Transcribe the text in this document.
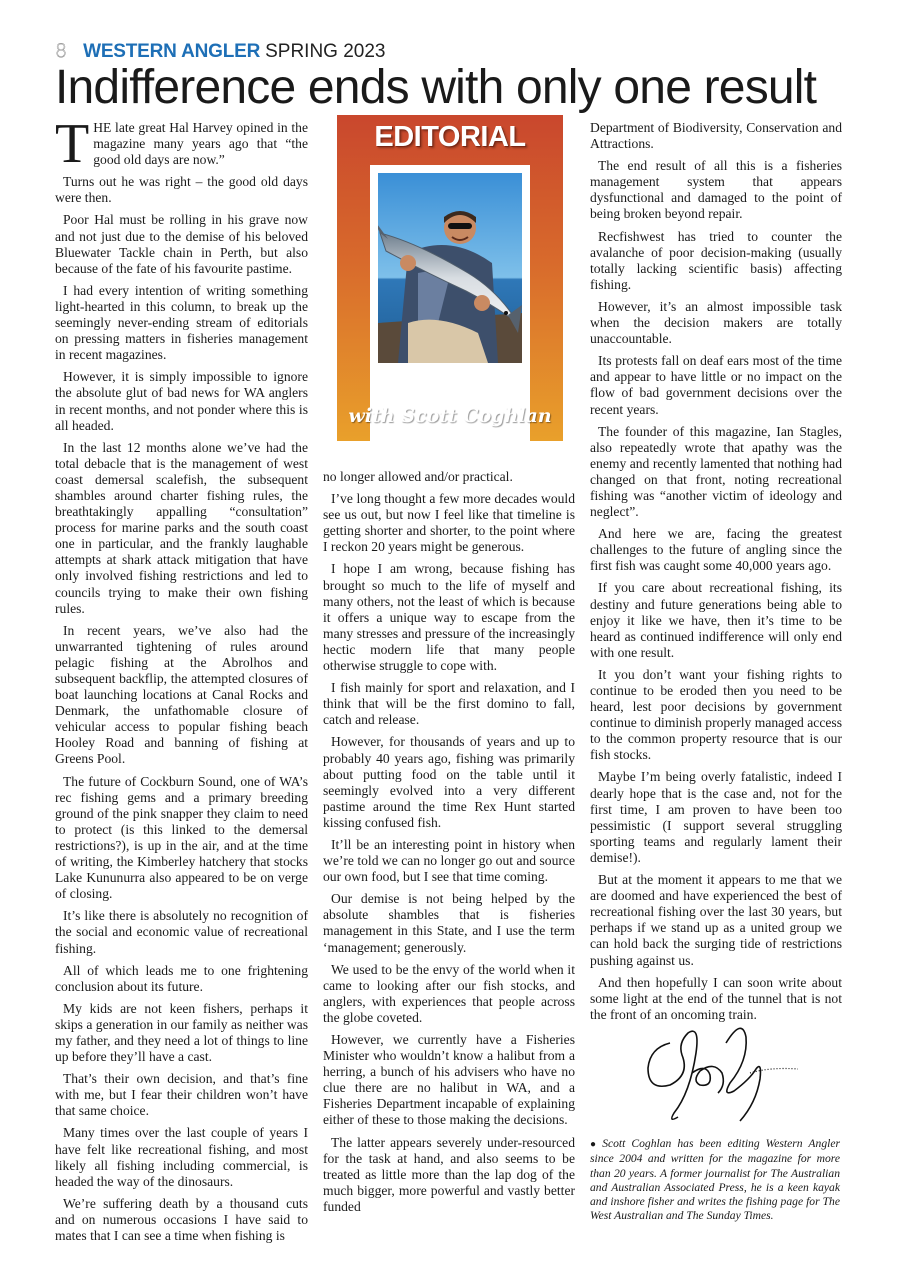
8 WESTERN ANGLER SPRING 2023
Indifference ends with only one result

THE late great Hal Harvey opined in the magazine many years ago that “the good old days are now.”

Turns out he was right – the good old days were then.

Poor Hal must be rolling in his grave now and not just due to the demise of his beloved Bluewater Tackle chain in Perth, but also because of the fate of his favourite pastime.

I had every intention of writing something light-hearted in this column, to break up the seemingly never-ending stream of editorials on pressing matters in fisheries management in recent magazines.

However, it is simply impossible to ignore the absolute glut of bad news for WA anglers in recent months, and not ponder where this is all headed.

In the last 12 months alone we’ve had the total debacle that is the management of west coast demersal scalefish, the subsequent shambles around charter fishing rules, the breathtakingly appalling “consultation” process for marine parks and the south coast one in particular, and the frankly laughable attempts at shark attack mitigation that have only involved fishing restrictions and led to councils trying to make their own fishing rules.

In recent years, we’ve also had the unwarranted tightening of rules around pelagic fishing at the Abrolhos and subsequent backflip, the attempted closures of boat launching locations at Canal Rocks and Denmark, the unfathomable closure of vehicular access to popular fishing beach Hooley Road and banning of fishing at Greens Pool.

The future of Cockburn Sound, one of WA’s rec fishing gems and a primary breeding ground of the pink snapper they claim to need to protect (is this linked to the demersal restrictions?), is up in the air, and at the time of writing, the Kimberley hatchery that stocks Lake Kununurra also appeared to be on verge of closing.

It’s like there is absolutely no recognition of the social and economic value of recreational fishing.

All of which leads me to one frightening conclusion about its future.

My kids are not keen fishers, perhaps it skips a generation in our family as neither was my father, and they need a lot of things to line up before they’ll have a cast.

That’s their own decision, and that’s fine with me, but I fear their children won’t have that same choice.

Many times over the last couple of years I have felt like recreational fishing, and most likely all fishing including commercial, is headed the way of the dinosaurs.

We’re suffering death by a thousand cuts and on numerous occasions I have said to mates that I can see a time when fishing is

EDITORIAL
with Scott Coghlan

no longer allowed and/or practical.

I’ve long thought a few more decades would see us out, but now I feel like that timeline is getting shorter and shorter, to the point where I reckon 20 years might be generous.

I hope I am wrong, because fishing has brought so much to the life of myself and many others, not the least of which is because it offers a unique way to escape from the many stresses and pressure of the increasingly hectic modern life that many people otherwise struggle to cope with.

I fish mainly for sport and relaxation, and I think that will be the first domino to fall, catch and release.

However, for thousands of years and up to probably 40 years ago, fishing was primarily about putting food on the table until it seemingly evolved into a very different pastime around the time Rex Hunt started kissing confused fish.

It’ll be an interesting point in history when we’re told we can no longer go out and source our own food, but I see that time coming.

Our demise is not being helped by the absolute shambles that is fisheries management in this State, and I use the term ‘management; generously.

We used to be the envy of the world when it came to looking after our fish stocks, and anglers, with experiences that people across the globe coveted.

However, we currently have a Fisheries Minister who wouldn’t know a halibut from a herring, a bunch of his advisers who have no clue there are no halibut in WA, and a Fisheries Department incapable of explaining either of these to those making the decisions.

The latter appears severely under-resourced for the task at hand, and also seems to be treated as little more than the lap dog of the much bigger, more powerful and vastly better funded

Department of Biodiversity, Conservation and Attractions.

The end result of all this is a fisheries management system that appears dysfunctional and damaged to the point of being broken beyond repair.

Recfishwest has tried to counter the avalanche of poor decision-making (usually totally lacking scientific basis) affecting fishing.

However, it’s an almost impossible task when the decision makers are totally unaccountable.

Its protests fall on deaf ears most of the time and appear to have little or no impact on the flow of bad government decisions over the recent years.

The founder of this magazine, Ian Stagles, also repeatedly wrote that apathy was the enemy and recently lamented that nothing had changed on that front, noting recreational fishing was “another victim of ideology and neglect”.

And here we are, facing the greatest challenges to the future of angling since the first fish was caught some 40,000 years ago.

If you care about recreational fishing, its destiny and future generations being able to enjoy it like we have, then it’s time to be heard as continued indifference will only end with one result.

It you don’t want your fishing rights to continue to be eroded then you need to be heard, lest poor decisions by government continue to diminish properly managed access to the common property resource that is our fish stocks.

Maybe I’m being overly fatalistic, indeed I dearly hope that is the case and, not for the first time, I am proven to have been too pessimistic (I support several struggling sporting teams and regularly lament their demise!).

But at the moment it appears to me that we are doomed and have experienced the best of recreational fishing over the last 30 years, but perhaps if we stand up as a united group we can hold back the surging tide of restrictions pushing against us.

And then hopefully I can soon write about some light at the end of the tunnel that is not the front of an oncoming train.

● Scott Coghlan has been editing Western Angler since 2004 and written for the magazine for more than 20 years. A former journalist for The Australian and Australian Associated Press, he is a keen kayak and inshore fisher and writes the fishing page for The West Australian and The Sunday Times.
